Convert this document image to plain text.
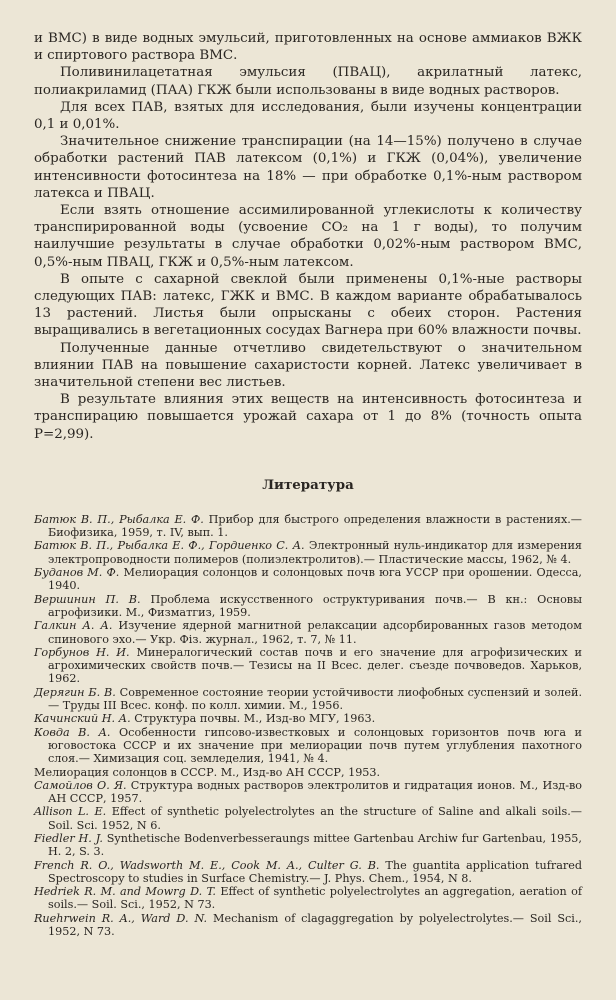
и ВМС) в виде водных эмульсий, приготовленных на основе аммиаков ВЖК и спиртового раствора ВМС.

Поливинилацетатная эмульсия (ПВАЦ), акрилатный латекс, полиакриламид (ПАА) ГКЖ были использованы в виде водных растворов.

Для всех ПАВ, взятых для исследования, были изучены концентрации 0,1 и 0,01%.

Значительное снижение транспирации (на 14—15%) получено в случае обработки растений ПАВ латексом (0,1%) и ГКЖ (0,04%), увеличение интенсивности фотосинтеза на 18% — при обработке 0,1%-ным раствором латекса и ПВАЦ.

Если взять отношение ассимилированной углекислоты к количеству транспирированной воды (усвоение CO₂ на 1 г воды), то получим наилучшие результаты в случае обработки 0,02%-ным раствором ВМС, 0,5%-ным ПВАЦ, ГКЖ и 0,5%-ным латексом.

В опыте с сахарной свеклой были применены 0,1%-ные растворы следующих ПАВ: латекс, ГЖК и ВМС. В каждом варианте обрабатывалось 13 растений. Листья были опрысканы с обеих сторон. Растения выращивались в вегетационных сосудах Вагнера при 60% влажности почвы.

Полученные данные отчетливо свидетельствуют о значительном влиянии ПАВ на повышение сахаристости корней. Латекс увеличивает в значительной степени вес листьев.

В результате влияния этих веществ на интенсивность фотосинтеза и транспирацию повышается урожай сахара от 1 до 8% (точность опыта P=2,99).

Литература

Батюк В. П., Рыбалка Е. Ф. Прибор для быстрого определения влажности в растениях.— Биофизика, 1959, т. IV, вып. 1.

Батюк В. П., Рыбалка Е. Ф., Гордиенко С. А. Электронный нуль-индикатор для измерения электропроводности полимеров (полиэлектролитов).— Пластические массы, 1962, № 4.

Буданов М. Ф. Мелиорация солонцов и солонцовых почв юга УССР при орошении. Одесса, 1940.

Вершинин П. В. Проблема искусственного оструктуривания почв.— В кн.: Основы агрофизики. М., Физматгиз, 1959.

Галкин А. А. Изучение ядерной магнитной релаксации адсорбированных газов методом спинового эхо.— Укр. Фiз. журнал., 1962, т. 7, № 11.

Горбунов Н. И. Минералогический состав почв и его значение для агрофизических и агрохимических свойств почв.— Тезисы на II Всес. делег. съезде почвоведов. Харьков, 1962.

Дерягин Б. В. Современное состояние теории устойчивости лиофобных суспензий и золей.— Труды III Всес. конф. по колл. химии. М., 1956.

Качинский Н. А. Структура почвы. М., Изд-во МГУ, 1963.

Ковда В. А. Особенности гипсово-известковых и солонцовых горизонтов почв юга и юговостока СССР и их значение при мелиорации почв путем углубления пахотного слоя.— Химизация соц. земледелия, 1941, № 4.

Мелиорация солонцов в СССР. М., Изд-во АН СССР, 1953.

Самойлов О. Я. Структура водных растворов электролитов и гидратация ионов. М., Изд-во АН СССР, 1957.

Allison L. E. Effect of synthetic polyelectrolytes an the structure of Saline and alkali soils.— Soil. Sci. 1952, N 6.

Fiedler H. J. Synthetische Bodenverbesseraungs mittee Gartenbau Archiw fur Gartenbau, 1955, H. 2, S. 3.

French R. O., Wadsworth M. E., Cook M. A., Culter G. B. The guantita application tufrared Spectroscopy to studies in Surface Chemistry.— J. Phys. Chem., 1954, N 8.

Hedriek R. M. and Mowrg D. T. Effect of synthetic polyelectrolytes an aggregation, aeration of soils.— Soil. Sci., 1952, N 73.

Ruehrwein R. A., Ward D. N. Mechanism of clagaggregation by polyelectrolytes.— Soil Sci., 1952, N 73.
